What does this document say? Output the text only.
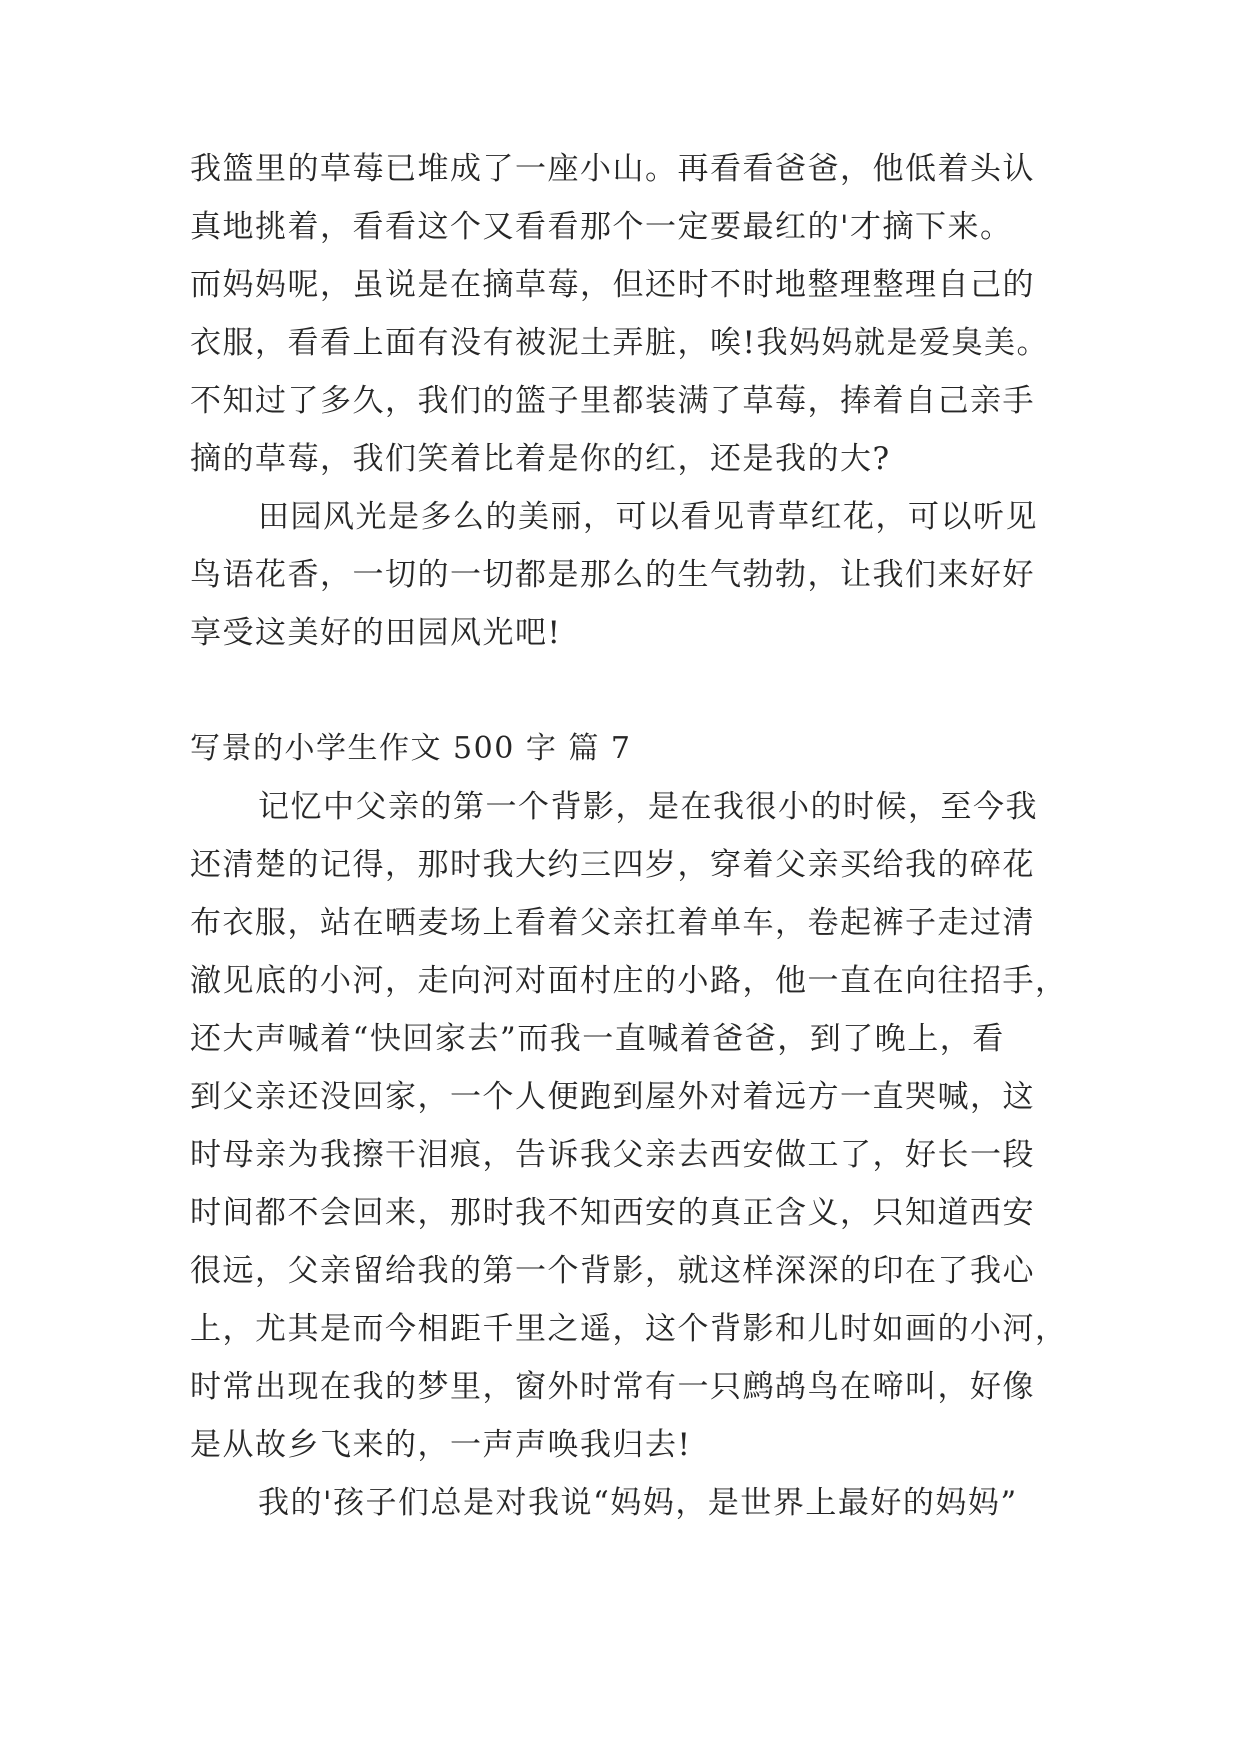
我篮里的草莓已堆成了一座小山。再看看爸爸，他低着头认
真地挑着，看看这个又看看那个一定要最红的'才摘下来。
而妈妈呢，虽说是在摘草莓，但还时不时地整理整理自己的
衣服，看看上面有没有被泥土弄脏，唉!我妈妈就是爱臭美。
不知过了多久，我们的篮子里都装满了草莓，捧着自己亲手
摘的草莓，我们笑着比着是你的红，还是我的大?
田园风光是多么的美丽，可以看见青草红花，可以听见
鸟语花香，一切的一切都是那么的生气勃勃，让我们来好好
享受这美好的田园风光吧!
写景的小学生作文 500 字 篇 7
记忆中父亲的第一个背影，是在我很小的时候，至今我
还清楚的记得，那时我大约三四岁，穿着父亲买给我的碎花
布衣服，站在晒麦场上看着父亲扛着单车，卷起裤子走过清
澈见底的小河，走向河对面村庄的小路，他一直在向往招手，
还大声喊着“快回家去”而我一直喊着爸爸，到了晚上，看
到父亲还没回家，一个人便跑到屋外对着远方一直哭喊，这
时母亲为我擦干泪痕，告诉我父亲去西安做工了，好长一段
时间都不会回来，那时我不知西安的真正含义，只知道西安
很远，父亲留给我的第一个背影，就这样深深的印在了我心
上，尤其是而今相距千里之遥，这个背影和儿时如画的小河，
时常出现在我的梦里，窗外时常有一只鹧鸪鸟在啼叫，好像
是从故乡飞来的，一声声唤我归去!
我的'孩子们总是对我说“妈妈，是世界上最好的妈妈”
